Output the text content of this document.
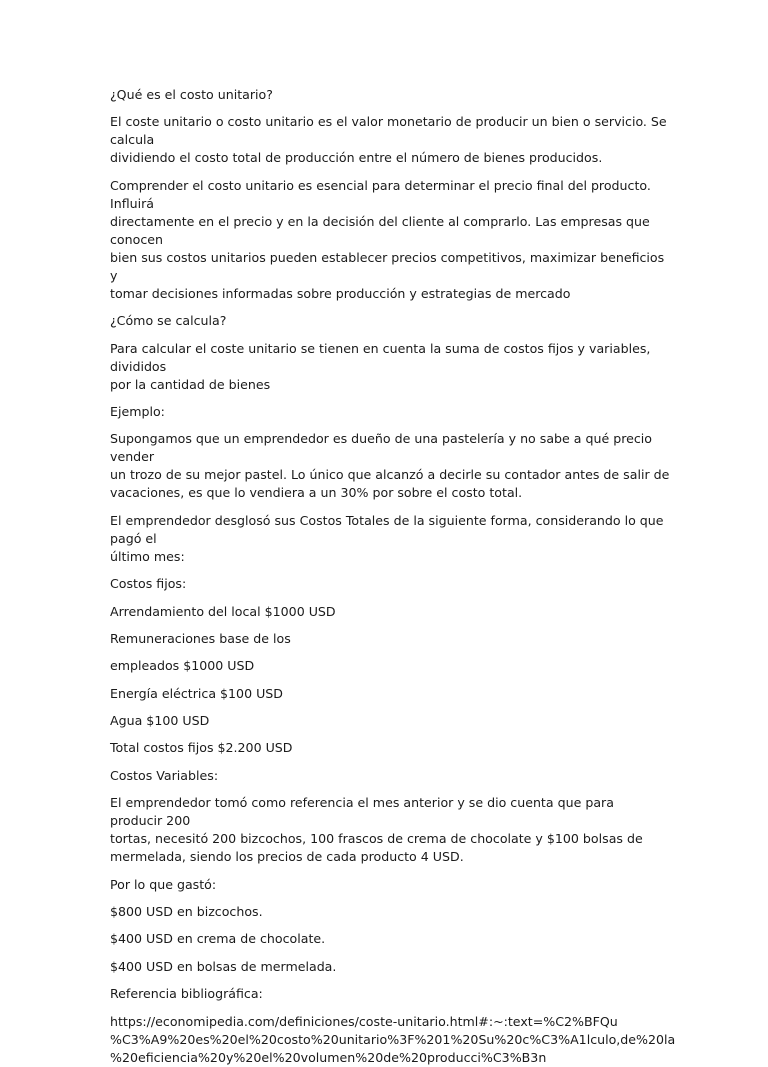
¿Qué es el costo unitario?

El coste unitario o costo unitario es el valor monetario de producir un bien o servicio. Se calcula
dividiendo el costo total de producción entre el número de bienes producidos.

Comprender el costo unitario es esencial para determinar el precio final del producto. Influirá
directamente en el precio y en la decisión del cliente al comprarlo. Las empresas que conocen
bien sus costos unitarios pueden establecer precios competitivos, maximizar beneficios y
tomar decisiones informadas sobre producción y estrategias de mercado

¿Cómo se calcula?

Para calcular el coste unitario se tienen en cuenta la suma de costos fijos y variables, divididos
por la cantidad de bienes

Ejemplo:

Supongamos que un emprendedor es dueño de una pastelería y no sabe a qué precio vender
un trozo de su mejor pastel. Lo único que alcanzó a decirle su contador antes de salir de
vacaciones, es que lo vendiera a un 30% por sobre el costo total.

El emprendedor desglosó sus Costos Totales de la siguiente forma, considerando lo que pagó el
último mes:

Costos fijos:

Arrendamiento del local $1000 USD

Remuneraciones base de los

empleados $1000 USD

Energía eléctrica $100 USD

Agua $100 USD

Total costos fijos $2.200 USD

Costos Variables:

El emprendedor tomó como referencia el mes anterior y se dio cuenta que para producir 200
tortas, necesitó 200 bizcochos, 100 frascos de crema de chocolate y $100 bolsas de
mermelada, siendo los precios de cada producto 4 USD.

Por lo que gastó:

$800 USD en bizcochos.

$400 USD en crema de chocolate.

$400 USD en bolsas de mermelada.

Referencia bibliográfica:

https://economipedia.com/definiciones/coste-unitario.html#:~:text=%C2%BFQu
%C3%A9%20es%20el%20costo%20unitario%3F%201%20Su%20c%C3%A1lculo,de%20la
%20eficiencia%20y%20el%20volumen%20de%20producci%C3%B3n
